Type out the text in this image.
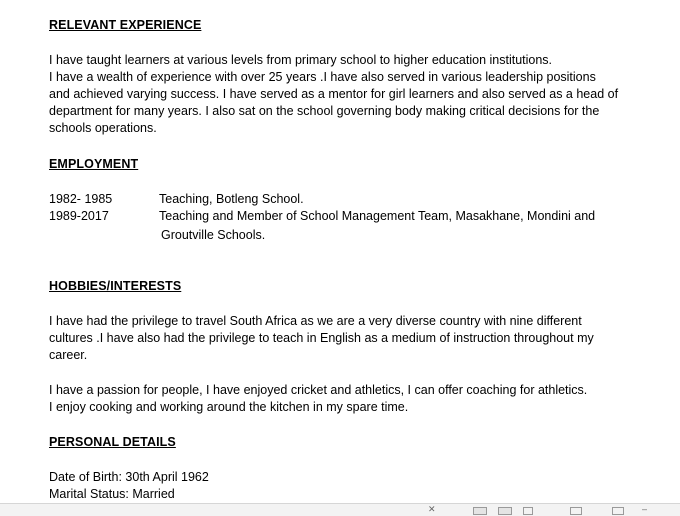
RELEVANT EXPERIENCE
I have taught learners at various levels from primary school to higher education institutions.
I have a wealth of experience with over 25 years .I have also served in various leadership positions
and achieved varying success. I have served as a mentor for girl learners and also served as a head of
department for many years. I also sat on the school governing body making critical decisions for the
schools operations.
EMPLOYMENT
1982- 1985	Teaching, Botleng School.
1989-2017	Teaching and Member of School Management Team, Masakhane, Mondini and
Groutville Schools.
HOBBIES/INTERESTS
I have had the privilege to travel South Africa as we are a very diverse country with nine different
cultures .I have also had the privilege to teach in English as a medium of instruction throughout my
career.
I have a passion for people, I have enjoyed cricket and athletics, I can offer coaching for athletics.
I enjoy cooking and working around the kitchen in my spare time.
PERSONAL DETAILS
Date of Birth: 30th April 1962
Marital Status: Married
✕	–
